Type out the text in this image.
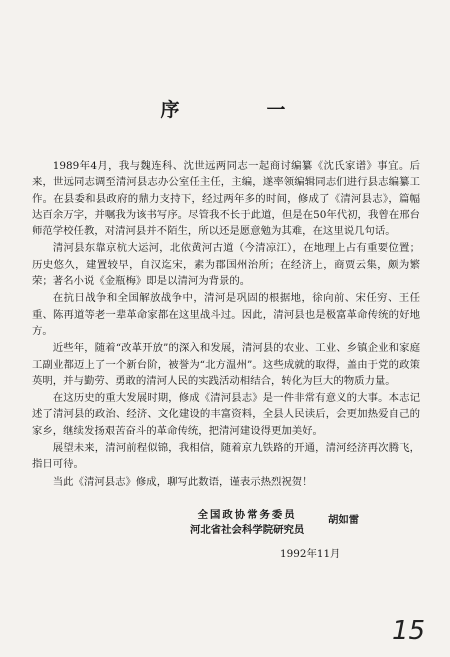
序　一

1989年4月，我与魏连科、沈世远两同志一起商讨编纂《沈氏家谱》事宜。后来，世远同志调至清河县志办公室任主任，主编，遂率领编辑同志们进行县志编纂工作。在县委和县政府的鼎力支持下，经过两年多的时间，修成了《清河县志》，篇幅达百余万字，并嘱我为该书写序。尽管我不长于此道，但是在50年代初，我曾在邢台师范学校任教，对清河县并不陌生，所以还是愿意勉为其难，在这里说几句话。

清河县东靠京杭大运河，北依黄河古道（今清凉江），在地理上占有重要位置；历史悠久，建置较早，自汉迄宋，素为郡国州治所；在经济上，商贾云集，颇为繁荣；著名小说《金瓶梅》即是以清河为背景的。

在抗日战争和全国解放战争中，清河是巩固的根据地，徐向前、宋任穷、王任重、陈再道等老一辈革命家都在这里战斗过。因此，清河县也是极富革命传统的好地方。

近些年，随着“改革开放”的深入和发展，清河县的农业、工业、乡镇企业和家庭工副业都迈上了一个新台阶，被誉为“北方温州”。这些成就的取得，盖由于党的政策英明，并与勤劳、勇敢的清河人民的实践活动相结合，转化为巨大的物质力量。

在这历史的重大发展时期，修成《清河县志》是一件非常有意义的大事。本志记述了清河县的政治、经济、文化建设的丰富资料，全县人民读后，会更加热爱自己的家乡，继续发扬艰苦奋斗的革命传统，把清河建设得更加美好。

展望未来，清河前程似锦，我相信，随着京九铁路的开通，清河经济再次腾飞，指日可待。

当此《清河县志》修成，聊写此数语，谨表示热烈祝贺！

全国政协常务委员
河北省社会科学院研究员
胡如雷
1992年11月
15
